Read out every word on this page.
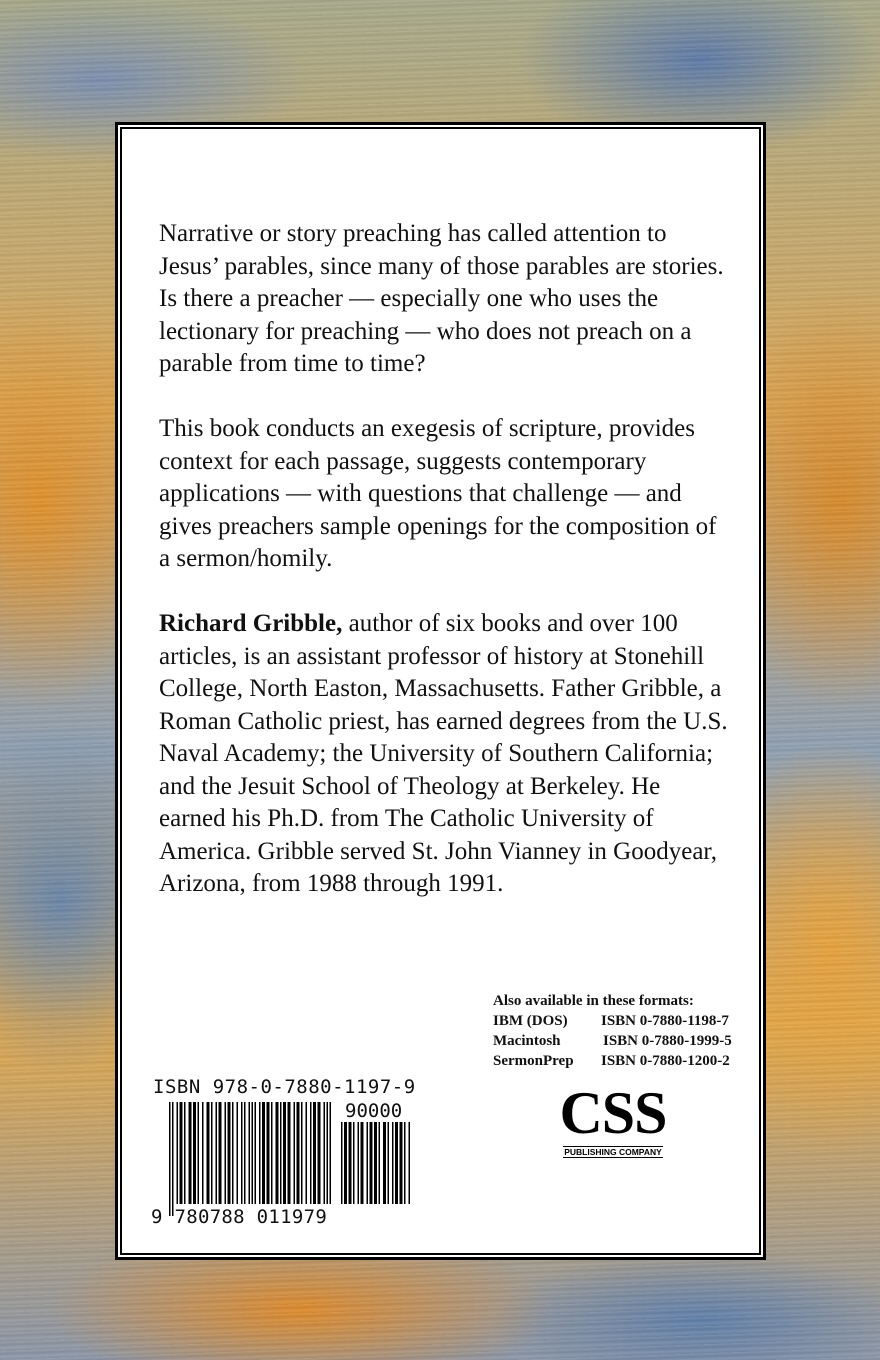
Narrative or story preaching has called attention to Jesus’ parables, since many of those parables are stories. Is there a preacher — especially one who uses the lectionary for preaching — who does not preach on a parable from time to time?

This book conducts an exegesis of scripture, provides context for each passage, suggests contemporary applications — with questions that challenge — and gives preachers sample openings for the composition of a sermon/homily.

Richard Gribble, author of six books and over 100 articles, is an assistant professor of history at Stonehill College, North Easton, Massachusetts. Father Gribble, a Roman Catholic priest, has earned degrees from the U.S. Naval Academy; the University of Southern California; and the Jesuit School of Theology at Berkeley. He earned his Ph.D. from The Catholic University of America. Gribble served St. John Vianney in Goodyear, Arizona, from 1988 through 1991.

Also available in these formats:
IBM (DOS)	ISBN 0-7880-1198-7
Macintosh	ISBN 0-7880-1999-5
SermonPrep	ISBN 0-7880-1200-2
ISBN 978-0-7880-1197-9
90000
9 780788 011979
CSS
PUBLISHING COMPANY
